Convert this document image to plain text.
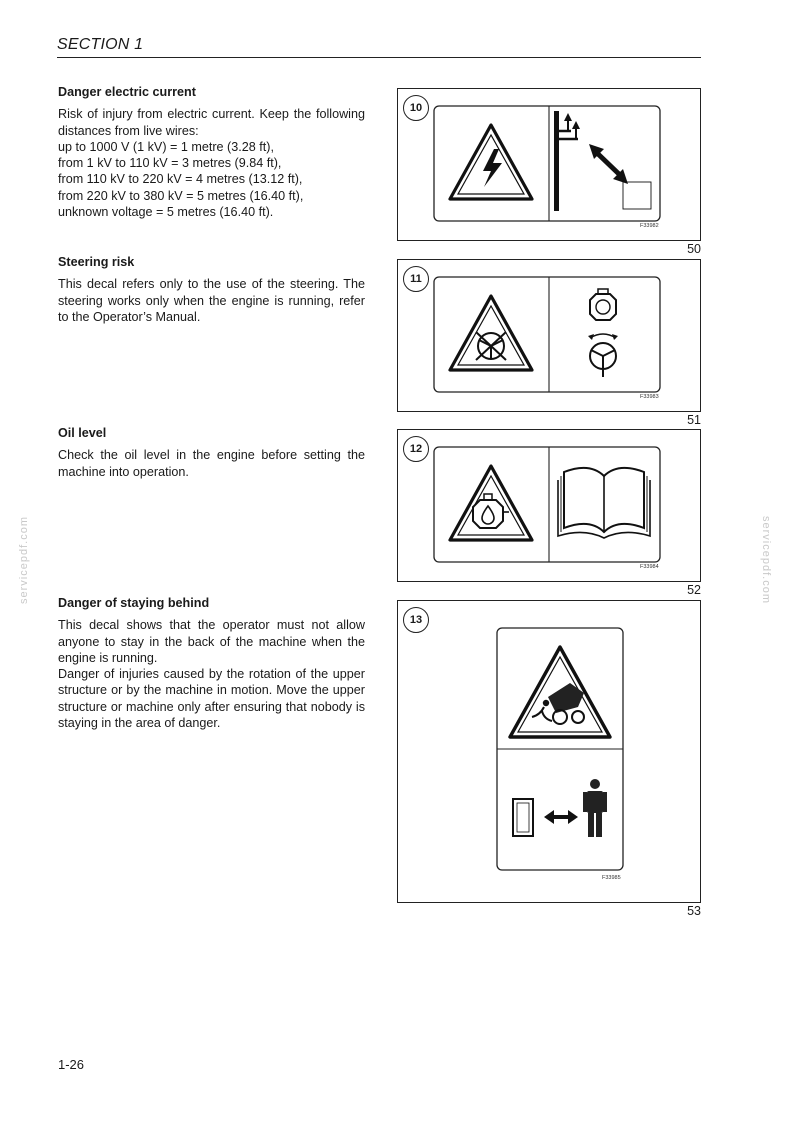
SECTION 1
servicepdf.com	servicepdf.com
Danger electric current

Risk of injury from electric current. Keep the following distances from live wires:

up to 1000 V (1 kV) = 1 metre (3.28 ft),
from 1 kV to 110 kV = 3 metres (9.84 ft),
from 110 kV to 220 kV = 4 metres (13.12 ft),
from 220 kV to 380 kV = 5 metres (16.40 ft),
unknown voltage = 5 metres (16.40 ft).
10
F33982
50
Steering risk

This decal refers only to the use of the steering. The steering works only when the engine is running, refer to the Operator’s Manual.

11
F33983
51
Oil level

Check the oil level in the engine before setting the machine into operation.

12
F33984
52
Danger of staying behind

This decal shows that the operator must not allow anyone to stay in the back of the machine when the engine is running.

Danger of injuries caused by the rotation of the upper structure or by the machine in motion. Move the upper structure or machine only after ensuring that nobody is staying in the area of danger.

13
F33985
53
1-26
